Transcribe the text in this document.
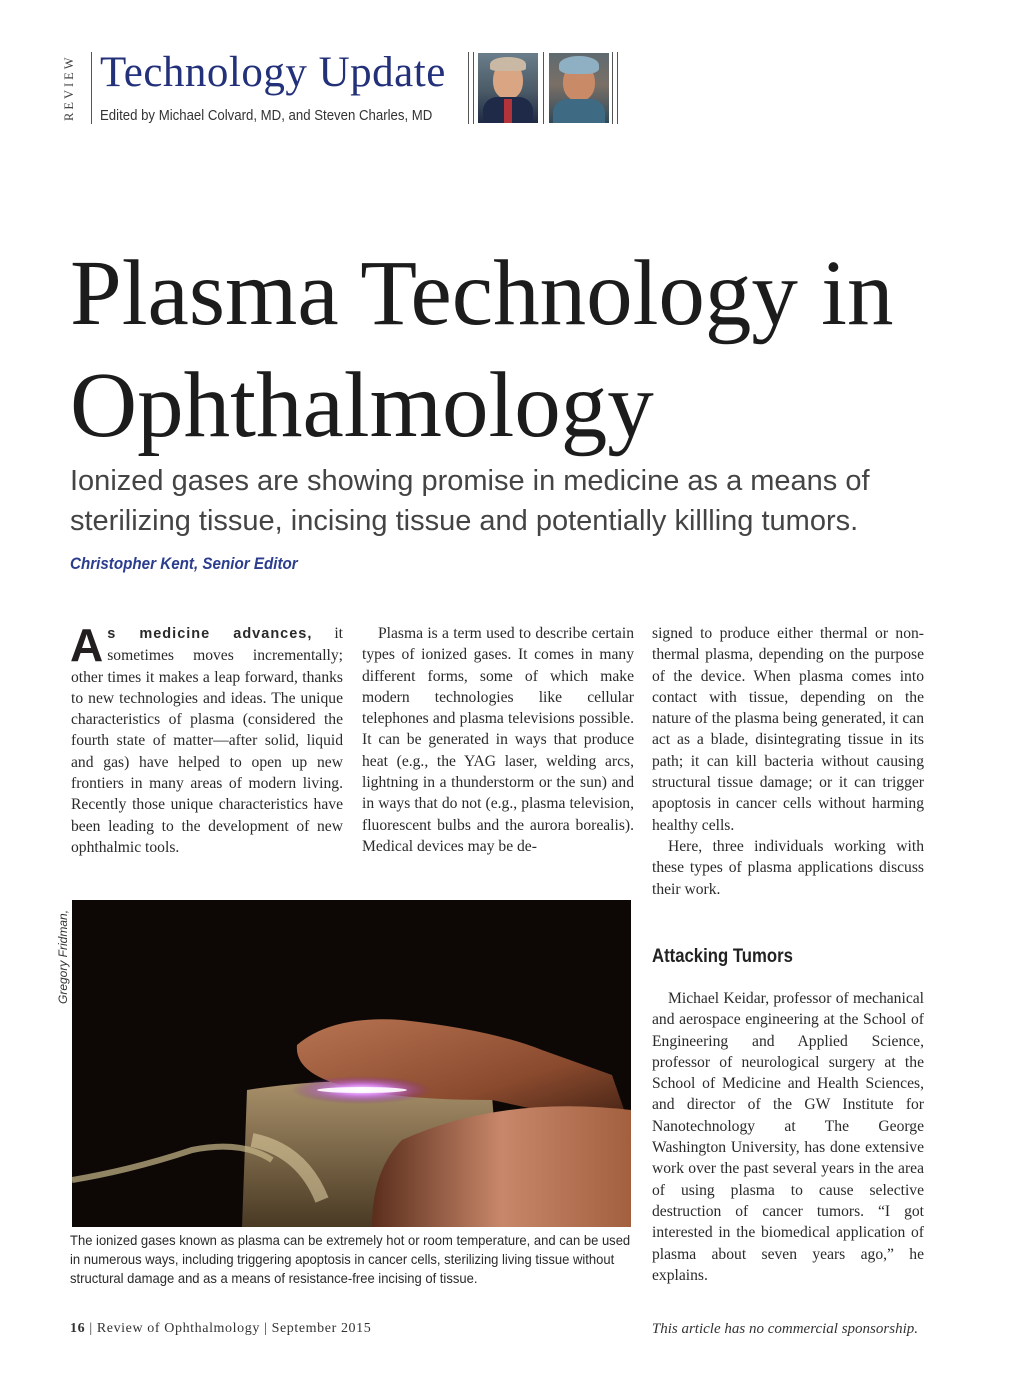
REVIEW Technology Update
Edited by Michael Colvard, MD, and Steven Charles, MD
Plasma Technology in Ophthalmology
Ionized gases are showing promise in medicine as a means of sterilizing tissue, incising tissue and potentially killling tumors.
Christopher Kent, Senior Editor

As medicine advances, it sometimes moves incrementally; other times it makes a leap forward, thanks to new technologies and ideas. The unique characteristics of plasma (considered the fourth state of matter—after solid, liquid and gas) have helped to open up new frontiers in many areas of modern living. Recently those unique characteristics have been leading to the development of new ophthalmic tools.

Plasma is a term used to describe certain types of ionized gases. It comes in many different forms, some of which make modern technologies like cellular telephones and plasma televisions possible. It can be generated in ways that produce heat (e.g., the YAG laser, welding arcs, lightning in a thunderstorm or the sun) and in ways that do not (e.g., plasma television, fluorescent bulbs and the aurora borealis). Medical devices may be de-

signed to produce either thermal or non-thermal plasma, depending on the purpose of the device. When plasma comes into contact with tissue, depending on the nature of the plasma being generated, it can act as a blade, disintegrating tissue in its path; it can kill bacteria without causing structural tissue damage; or it can trigger apoptosis in cancer cells without harming healthy cells.

Here, three individuals working with these types of plasma applications discuss their work.

Attacking Tumors

Michael Keidar, professor of mechanical and aerospace engineering at the School of Engineering and Applied Science, professor of neurological surgery at the School of Medicine and Health Sciences, and director of the GW Institute for Nanotechnology at The George Washington University, has done extensive work over the past several years in the area of using plasma to cause selective destruction of cancer tumors. “I got interested in the biomedical application of plasma about seven years ago,” he explains.

Gregory Fridman,
The ionized gases known as plasma can be extremely hot or room temperature, and can be used in numerous ways, including triggering apoptosis in cancer cells, sterilizing living tissue without structural damage and as a means of resistance-free incising of tissue.
16 | Review of Ophthalmology | September 2015	This article has no commercial sponsorship.
